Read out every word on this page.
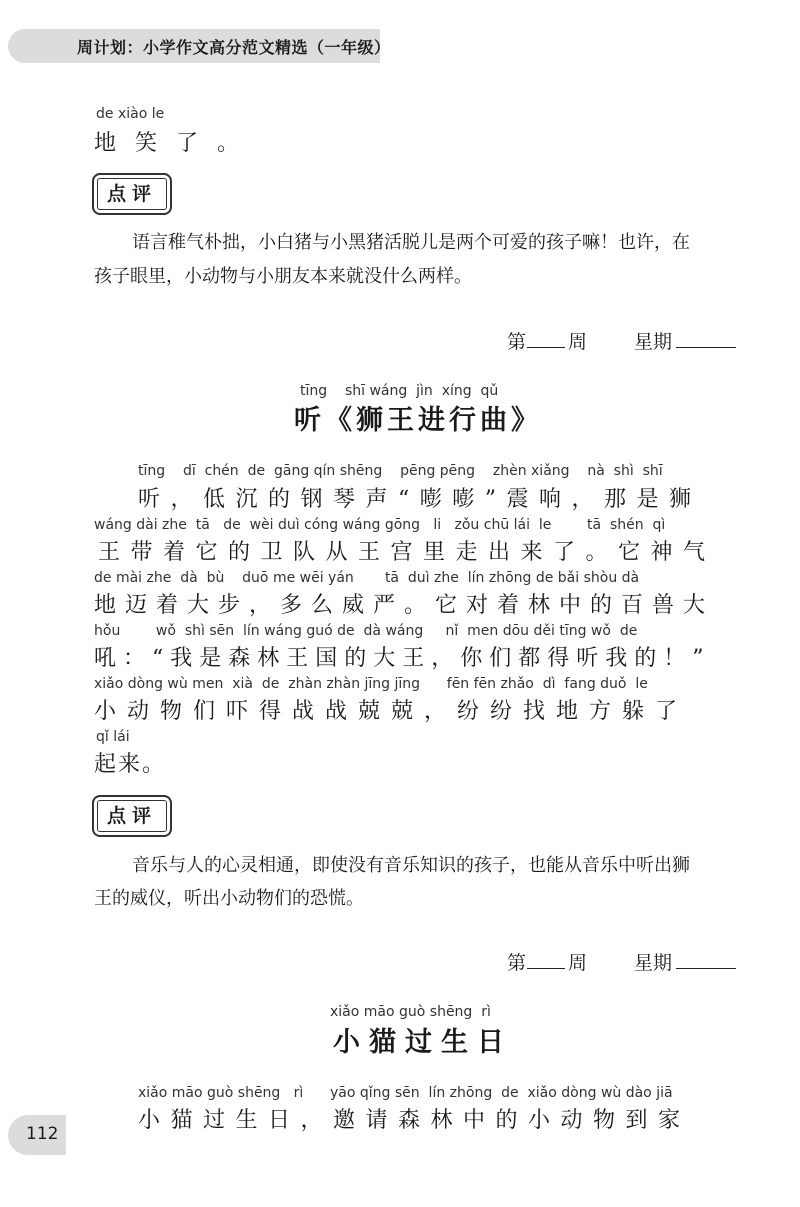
周计划：小学作文高分范文精选（一年级）
de xiào le
地 笑 了 。
点评
语言稚气朴拙，小白猪与小黑猪活脱儿是两个可爱的孩子嘛！也许，在
孩子眼里，小动物与小朋友本来就没什么两样。
第 周 星期
tīng    shī wáng  jìn  xíng  qǔ
听《狮王进行曲》
tīng    dī  chén  de  gāng qín shēng    pēng pēng    zhèn xiǎng    nà  shì  shī
听，低沉的钢琴声“嘭嘭”震响，那是狮
wáng dài zhe  tā   de  wèi duì cóng wáng gōng   li   zǒu chū lái  le        tā  shén  qì
王带着它的卫队从王宫里走出来了。它神气
de mài zhe  dà  bù    duō me wēi yán       tā  duì zhe  lín zhōng de bǎi shòu dà
地迈着大步，多么威严。它对着林中的百兽大
hǒu        wǒ  shì sēn  lín wáng guó de  dà wáng     nǐ  men dōu děi tīng wǒ  de
吼：“我是森林王国的大王，你们都得听我的！”
xiǎo dòng wù men  xià  de  zhàn zhàn jīng jīng      fēn fēn zhǎo  dì  fang duǒ  le
小动物们吓得战战兢兢，纷纷找地方躲了
qǐ lái
起来。
点评
音乐与人的心灵相通，即使没有音乐知识的孩子，也能从音乐中听出狮
王的威仪，听出小动物们的恐慌。
第 周 星期
xiǎo māo guò shēng  rì
小猫过生日
xiǎo māo guò shēng   rì      yāo qǐng sēn  lín zhōng  de  xiǎo dòng wù dào jiā
小猫过生日，邀请森林中的小动物到家
112
